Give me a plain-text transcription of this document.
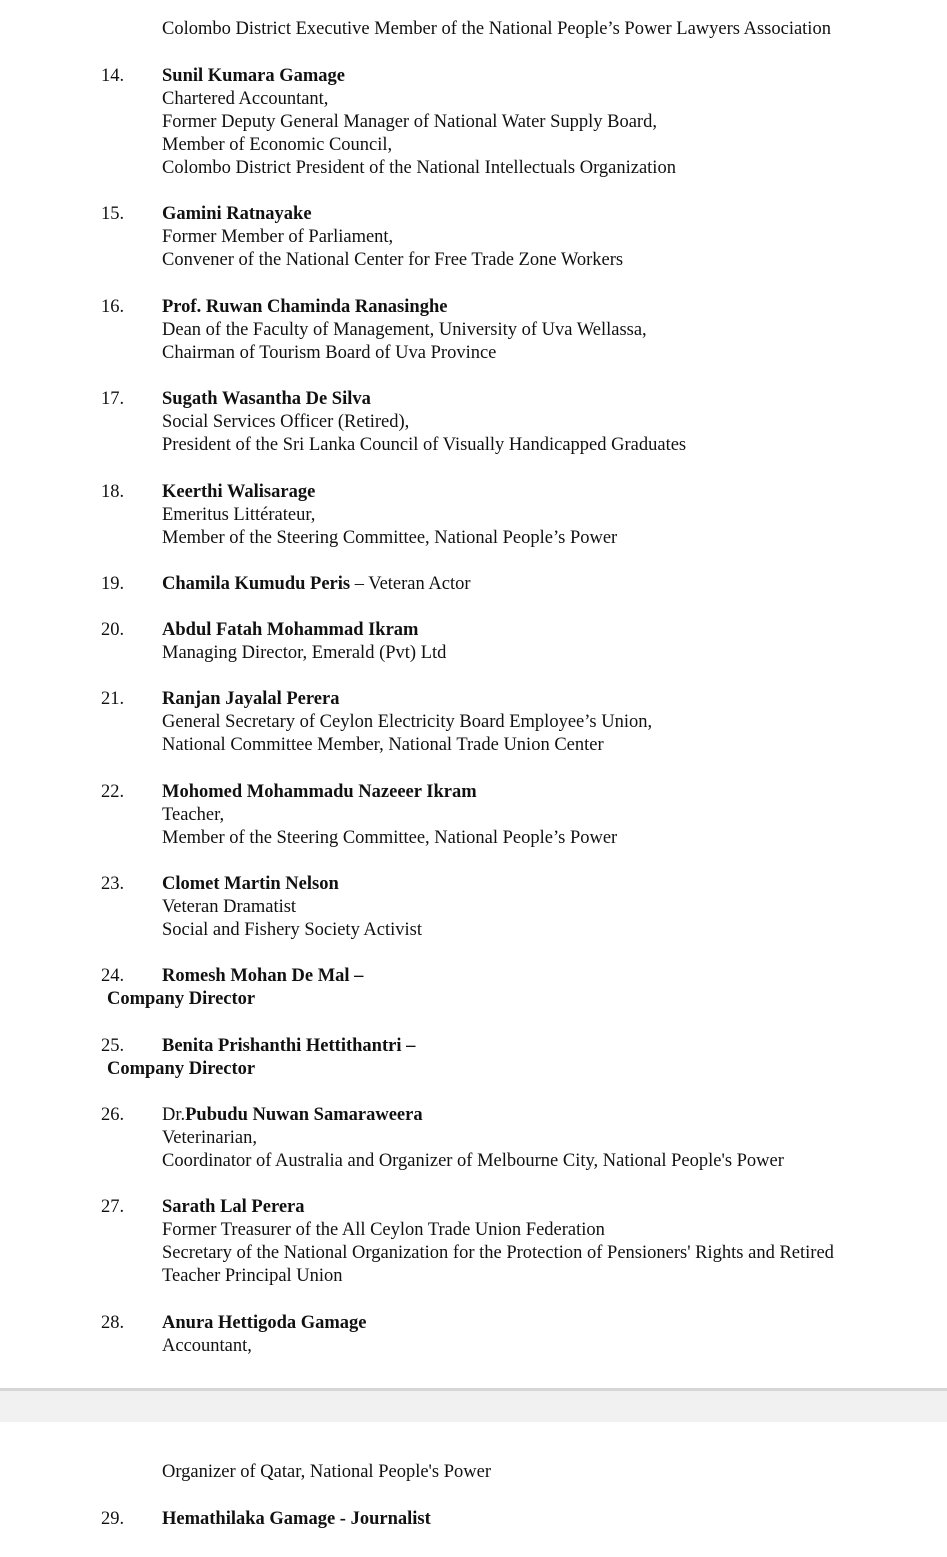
Colombo District Executive Member of the National People’s Power Lawyers Association
14. Sunil Kumara Gamage
Chartered Accountant,
Former Deputy General Manager of National Water Supply Board,
Member of Economic Council,
Colombo District President of the National Intellectuals Organization
15. Gamini Ratnayake
Former Member of Parliament,
Convener of the National Center for Free Trade Zone Workers
16. Prof. Ruwan Chaminda Ranasinghe
Dean of the Faculty of Management, University of Uva Wellassa,
Chairman of Tourism Board of Uva Province
17. Sugath Wasantha De Silva
Social Services Officer (Retired),
President of the Sri Lanka Council of Visually Handicapped Graduates
18. Keerthi Walisarage
Emeritus Littérateur,
Member of the Steering Committee, National People’s Power
19. Chamila Kumudu Peris – Veteran Actor
20. Abdul Fatah Mohammad Ikram
Managing Director, Emerald (Pvt) Ltd
21. Ranjan Jayalal Perera
General Secretary of Ceylon Electricity Board Employee’s Union,
National Committee Member, National Trade Union Center
22. Mohomed Mohammadu Nazeeer Ikram
Teacher,
Member of the Steering Committee, National People’s Power
23. Clomet Martin Nelson
Veteran Dramatist
Social and Fishery Society Activist
24. Romesh Mohan De Mal –
Company Director
25. Benita Prishanthi Hettithantri –
Company Director
26. Dr.Pubudu Nuwan Samaraweera
Veterinarian,
Coordinator of Australia and Organizer of Melbourne City, National People's Power
27. Sarath Lal Perera
Former Treasurer of the All Ceylon Trade Union Federation
Secretary of the National Organization for the Protection of Pensioners' Rights and Retired
Teacher Principal Union
28. Anura Hettigoda Gamage
Accountant,
Organizer of Qatar, National People's Power
29. Hemathilaka Gamage - Journalist
